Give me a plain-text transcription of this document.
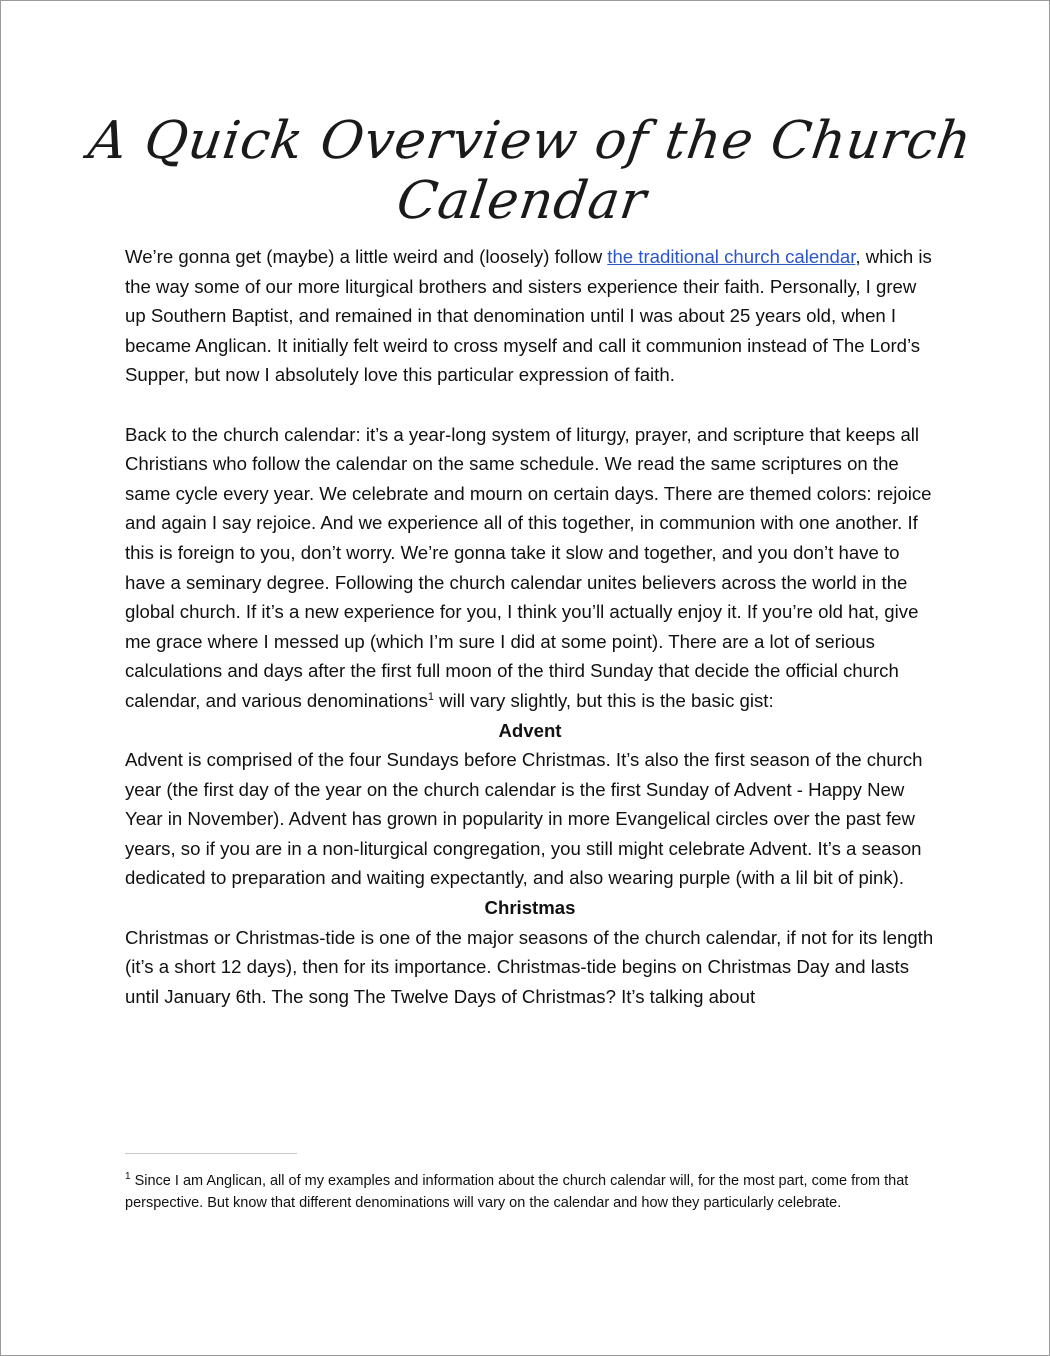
A Quick Overview of the Church Calendar

We’re gonna get (maybe) a little weird and (loosely) follow the traditional church calendar, which is the way some of our more liturgical brothers and sisters experience their faith. Personally, I grew up Southern Baptist, and remained in that denomination until I was about 25 years old, when I became Anglican. It initially felt weird to cross myself and call it communion instead of The Lord’s Supper, but now I absolutely love this particular expression of faith.

Back to the church calendar: it’s a year-long system of liturgy, prayer, and scripture that keeps all Christians who follow the calendar on the same schedule. We read the same scriptures on the same cycle every year. We celebrate and mourn on certain days. There are themed colors: rejoice and again I say rejoice. And we experience all of this together, in communion with one another. If this is foreign to you, don’t worry. We’re gonna take it slow and together, and you don’t have to have a seminary degree. Following the church calendar unites believers across the world in the global church. If it’s a new experience for you, I think you’ll actually enjoy it. If you’re old hat, give me grace where I messed up (which I’m sure I did at some point). There are a lot of serious calculations and days after the first full moon of the third Sunday that decide the official church calendar, and various denominations$^1$ will vary slightly, but this is the basic gist:

Advent

Advent is comprised of the four Sundays before Christmas. It’s also the first season of the church year (the first day of the year on the church calendar is the first Sunday of Advent - Happy New Year in November). Advent has grown in popularity in more Evangelical circles over the past few years, so if you are in a non-liturgical congregation, you still might celebrate Advent. It’s a season dedicated to preparation and waiting expectantly, and also wearing purple (with a lil bit of pink).

Christmas

Christmas or Christmas-tide is one of the major seasons of the church calendar, if not for its length (it’s a short 12 days), then for its importance. Christmas-tide begins on Christmas Day and lasts until January 6th. The song The Twelve Days of Christmas? It’s talking about

$^1$ Since I am Anglican, all of my examples and information about the church calendar will, for the most part, come from that perspective. But know that different denominations will vary on the calendar and how they particularly celebrate.
